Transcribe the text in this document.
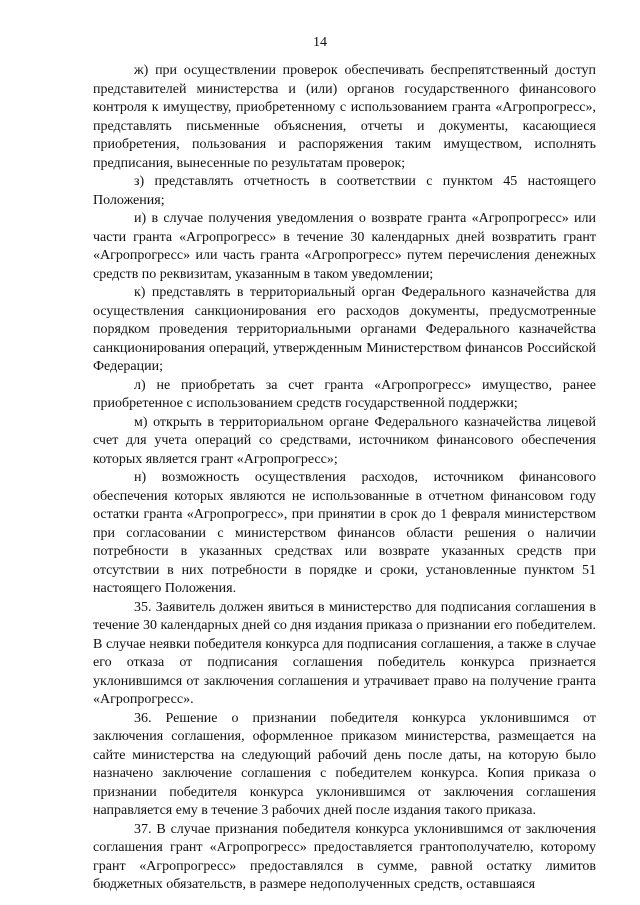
14

ж) при осуществлении проверок обеспечивать беспрепятственный доступ представителей министерства и (или) органов государственного финансового контроля к имуществу, приобретенному с использованием гранта «Агропрогресс», представлять письменные объяснения, отчеты и документы, касающиеся приобретения, пользования и распоряжения таким имуществом, исполнять предписания, вынесенные по результатам проверок;

з) представлять отчетность в соответствии с пунктом 45 настоящего Положения;

и) в случае получения уведомления о возврате гранта «Агропрогресс» или части гранта «Агропрогресс» в течение 30 календарных дней возвратить грант «Агропрогресс» или часть гранта «Агропрогресс» путем перечисления денежных средств по реквизитам, указанным в таком уведомлении;

к) представлять в территориальный орган Федерального казначейства для осуществления санкционирования его расходов документы, предусмотренные порядком проведения территориальными органами Федерального казначейства санкционирования операций, утвержденным Министерством финансов Российской Федерации;

л) не приобретать за счет гранта «Агропрогресс» имущество, ранее приобретенное с использованием средств государственной поддержки;

м) открыть в территориальном органе Федерального казначейства лицевой счет для учета операций со средствами, источником финансового обеспечения которых является грант «Агропрогресс»;

н) возможность осуществления расходов, источником финансового обеспечения которых являются не использованные в отчетном финансовом году остатки гранта «Агропрогресс», при принятии в срок до 1 февраля министерством при согласовании с министерством финансов области решения о наличии потребности в указанных средствах или возврате указанных средств при отсутствии в них потребности в порядке и сроки, установленные пунктом 51 настоящего Положения.

35. Заявитель должен явиться в министерство для подписания соглашения в течение 30 календарных дней со дня издания приказа о признании его победителем. В случае неявки победителя конкурса для подписания соглашения, а также в случае его отказа от подписания соглашения победитель конкурса признается уклонившимся от заключения соглашения и утрачивает право на получение гранта «Агропрогресс».

36. Решение о признании победителя конкурса уклонившимся от заключения соглашения, оформленное приказом министерства, размещается на сайте министерства на следующий рабочий день после даты, на которую было назначено заключение соглашения с победителем конкурса. Копия приказа о признании победителя конкурса уклонившимся от заключения соглашения направляется ему в течение 3 рабочих дней после издания такого приказа.

37. В случае признания победителя конкурса уклонившимся от заключения соглашения грант «Агропрогресс» предоставляется грантополучателю, которому грант «Агропрогресс» предоставлялся в сумме, равной остатку лимитов бюджетных обязательств, в размере недополученных средств, оставшаяся
